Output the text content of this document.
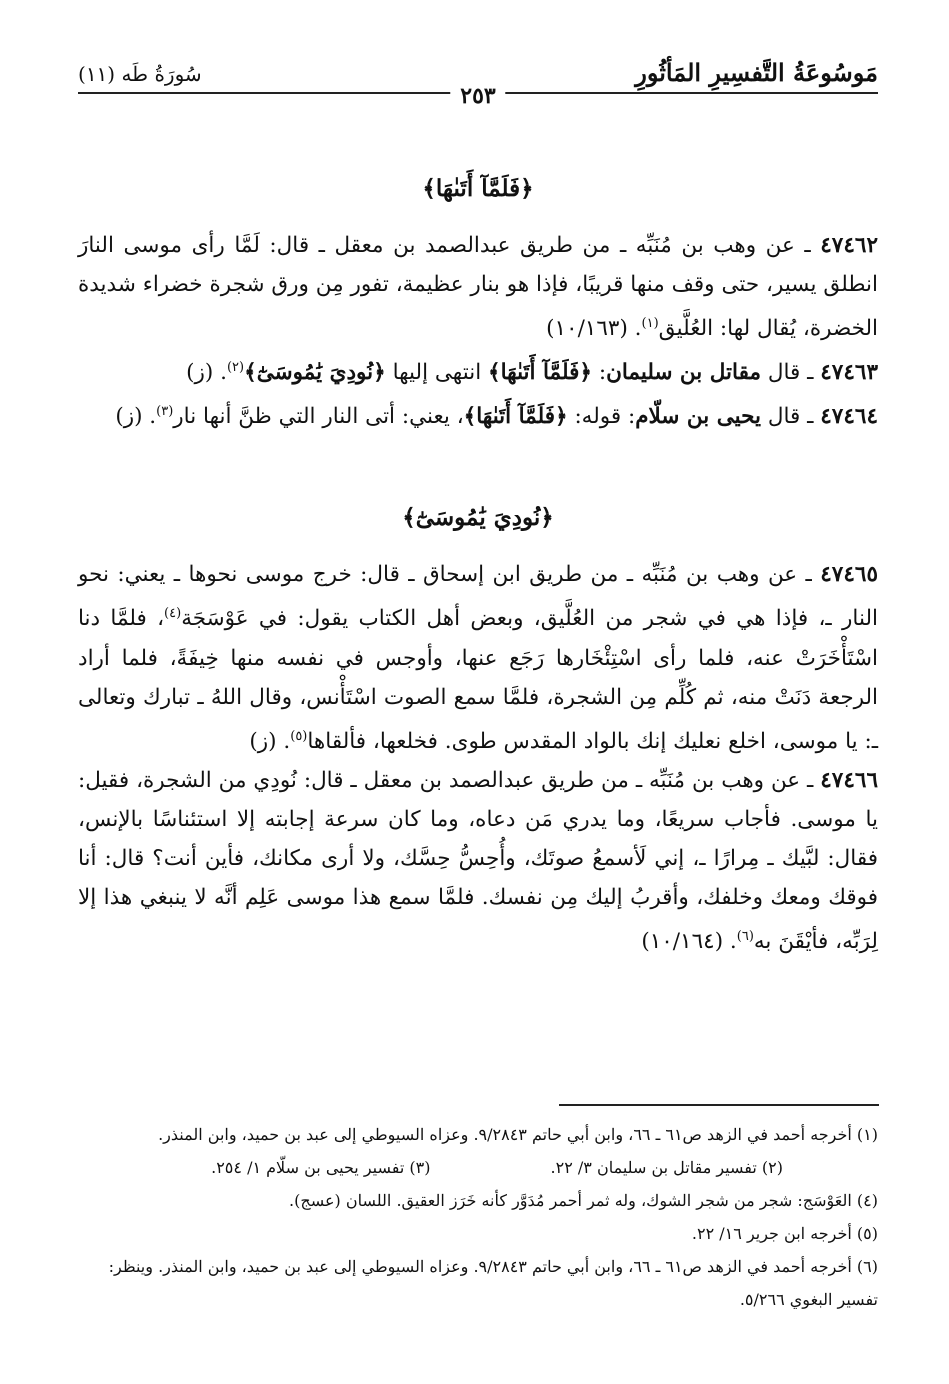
مَوسُوعَةُ التَّفسِيرِ المَأثُورِ
سُورَةُ طَه (١١)
٢٥٣
﴿فَلَمَّآ أَتَىٰهَا﴾

٤٧٤٦٢ ـ عن وهب بن مُنَبِّه ـ من طريق عبدالصمد بن معقل ـ قال: لَمَّا رأى موسى النارَ انطلق يسير، حتى وقف منها قريبًا، فإذا هو بنار عظيمة، تفور مِن ورق شجرة خضراء شديدة الخضرة، يُقال لها: العُلَّيق$^{(١)}$. (١٠/١٦٣)

٤٧٤٦٣ ـ قال مقاتل بن سليمان: ﴿فَلَمَّآ أَتَىٰهَا﴾ انتهى إليها ﴿نُودِيَ يَٰمُوسَىٰٓ﴾$^{(٢)}$. (ز)

٤٧٤٦٤ ـ قال يحيى بن سلّام: قوله: ﴿فَلَمَّآ أَتَىٰهَا﴾، يعني: أتى النار التي ظنَّ أنها نار$^{(٣)}$. (ز)

﴿نُودِيَ يَٰمُوسَىٰٓ﴾

٤٧٤٦٥ ـ عن وهب بن مُنَبِّه ـ من طريق ابن إسحاق ـ قال: خرج موسى نحوها ـ يعني: نحو النار ـ، فإذا هي في شجر من العُلَّيق، وبعض أهل الكتاب يقول: في عَوْسَجَة$^{(٤)}$، فلمَّا دنا اسْتَأْخَرَتْ عنه، فلما رأى اسْتِئْخَارها رَجَع عنها، وأوجس في نفسه منها خِيفَةً، فلما أراد الرجعة دَنَتْ منه، ثم كُلِّم مِن الشجرة، فلمَّا سمع الصوت اسْتَأْنس، وقال اللهُ ـ تبارك وتعالى ـ: يا موسى، اخلع نعليك إنك بالواد المقدس طوى. فخلعها، فألقاها$^{(٥)}$. (ز)

٤٧٤٦٦ ـ عن وهب بن مُنَبِّه ـ من طريق عبدالصمد بن معقل ـ قال: نُودِي من الشجرة، فقيل: يا موسى. فأجاب سريعًا، وما يدري مَن دعاه، وما كان سرعة إجابته إلا استئناسًا بالإنس، فقال: لبَّيك ـ مِرارًا ـ، إني لَأسمعُ صوتَك، وأُحِسُّ حِسَّك، ولا أرى مكانك، فأين أنت؟ قال: أنا فوقك ومعك وخلفك، وأقربُ إليك مِن نفسك. فلمَّا سمع هذا موسى عَلِم أنَّه لا ينبغي هذا إلا لِرَبِّه، فأيْقَنَ به$^{(٦)}$. (١٠/١٦٤)

(١) أخرجه أحمد في الزهد ص٦١ ـ ٦٦، وابن أبي حاتم ٩/٢٨٤٣. وعزاه السيوطي إلى عبد بن حميد، وابن المنذر.
(٢) تفسير مقاتل بن سليمان ٣/ ٢٢.
(٣) تفسير يحيى بن سلّام ١/ ٢٥٤.
(٤) العَوْسَج: شجر من شجر الشوك، وله ثمر أحمر مُدَوَّر كأنه خَرَز العقيق. اللسان (عسج).
(٥) أخرجه ابن جرير ١٦/ ٢٢.
(٦) أخرجه أحمد في الزهد ص٦١ ـ ٦٦، وابن أبي حاتم ٩/٢٨٤٣. وعزاه السيوطي إلى عبد بن حميد، وابن المنذر. وينظر: تفسير البغوي ٥/٢٦٦.
